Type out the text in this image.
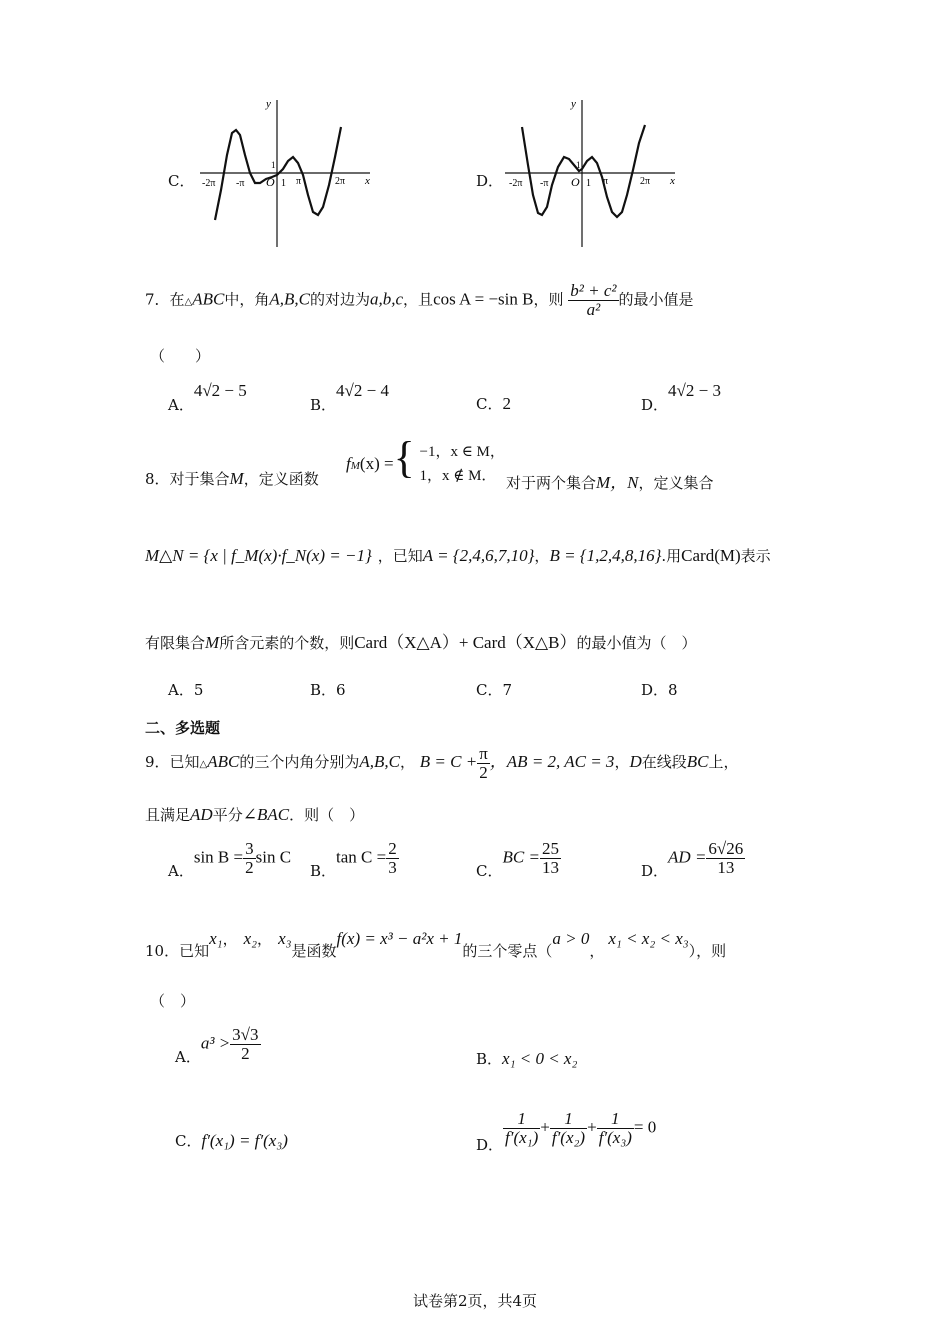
C． -2π -π O 1 π	2π x
y
1
D． -2π -π O 1 π	2π x
y
1
7．在△ABC中，角A,B,C的对边为a,b,c，且cos A = −sin B，则 $\frac{\text{b² + c²}}{\text{a²}}$ 的最小值是
（　　）
A．4√2 − 5
B．4√2 − 4
C．2	D．4√2 − 3
8．对于集合M，定义函数
$f_M(x)$ ={ −1，x ∈ M，
1，x ∉ M． 对于两个集合M，N，定义集合
M△N = {x | f_M(x)·f_N(x) = −1} ，已知A = {2,4,6,7,10}，B = {1,2,4,8,16}.用Card(M)表示
有限集合M所含元素的个数，则Card（X△A）+ Card（X△B）的最小值为（　）
A．5	B．6	C．7	D．8
二、多选题
9．已知△ABC的三个内角分别为A,B,C， $B = C + \frac{\pi}{2}$ ，AB = 2, AC = 3，D在线段BC上，
且满足AD平分∠BAC．则（　）
A．$\sin B = \frac{3}{2}$ sin C
B．$\tan C = \frac{2}{3}$	C．BC = $\frac{25}{13}$	D．AD = $\frac{6√26}{13}$
10．已知x₁， x₂， x₃是函数f(x) = x³ − a²x + 1的三个零点（a > 0，x₁ < x₂ < x₃），则
（　）
A．$a^3 > \frac{3√3}{2}$	B．x₁ < 0 < x₂
C．f′(x₁) = f′(x₃)	D． $\frac{1}{\text{f′(x₁)}} + \frac{1}{\text{f′(x₂)}} + \frac{1}{\text{f′(x₃)}} = 0$
试卷第2页，共4页
